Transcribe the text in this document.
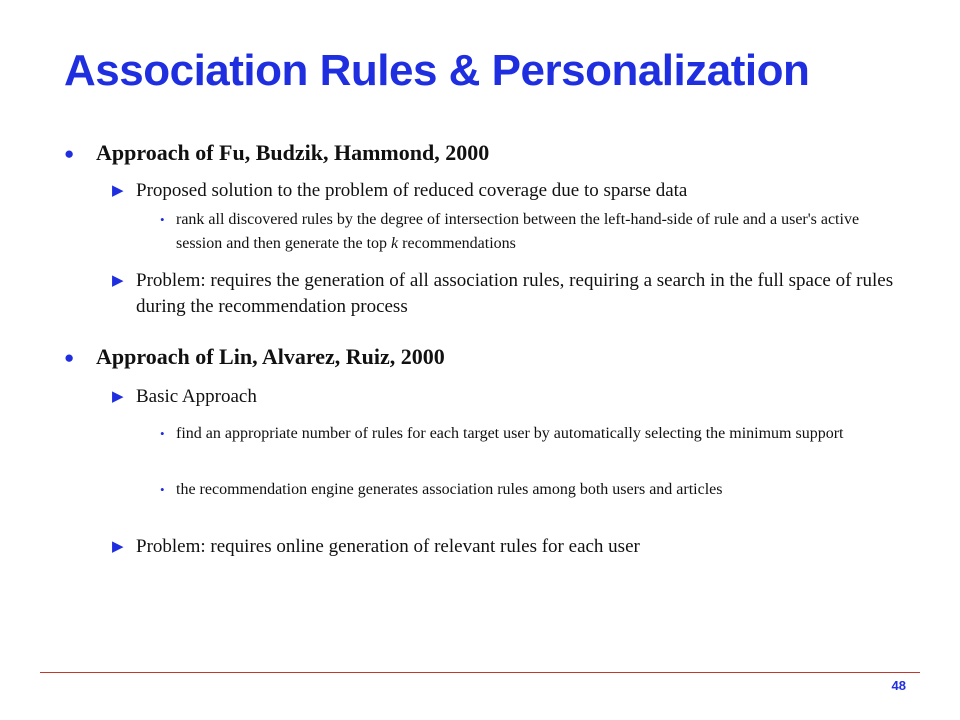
Association Rules & Personalization
● Approach of Fu, Budzik, Hammond, 2000
▶ Proposed solution to the problem of reduced coverage due to sparse data
• rank all discovered rules by the degree of intersection between the left-hand-side of rule and a user's active session and then generate the top k recommendations
▶ Problem: requires the generation of all association rules, requiring a search in the full space of rules during the recommendation process
● Approach of Lin, Alvarez, Ruiz, 2000
▶ Basic Approach
• find an appropriate number of rules for each target user by automatically selecting the minimum support
• the recommendation engine generates association rules among both users and articles
▶ Problem: requires online generation of relevant rules for each user
48
